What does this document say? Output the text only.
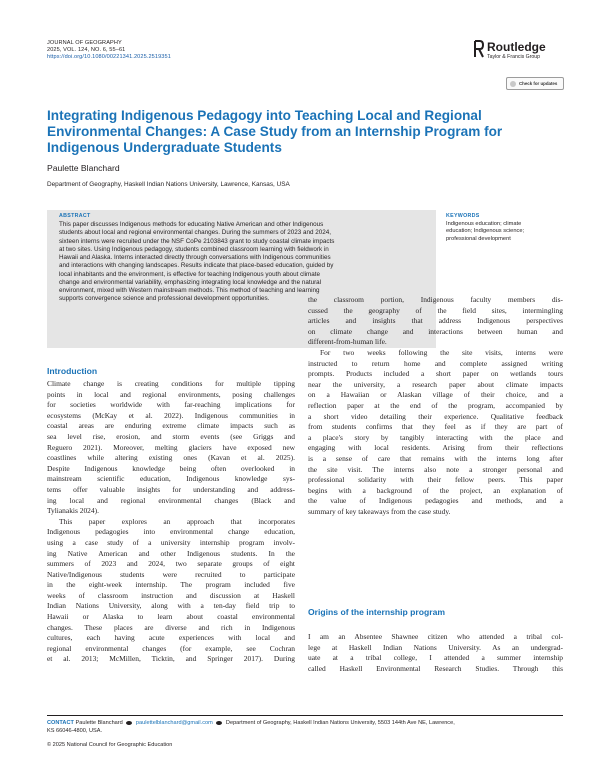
JOURNAL OF GEOGRAPHY
2025, VOL. 124, NO. 6, 55–61
https://doi.org/10.1080/00221341.2025.2519351
Routledge
Taylor & Francis Group
Check for updates
Integrating Indigenous Pedagogy into Teaching Local and Regional
Environmental Changes: A Case Study from an Internship Program for
Indigenous Undergraduate Students
Paulette Blanchard
Department of Geography, Haskell Indian Nations University, Lawrence, Kansas, USA
ABSTRACT
This paper discusses Indigenous methods for educating Native American and other Indigenous
students about local and regional environmental changes. During the summers of 2023 and 2024,
sixteen interns were recruited under the NSF CoPe 2103843 grant to study coastal climate impacts
at two sites. Using Indigenous pedagogy, students combined classroom learning with fieldwork in
Hawaii and Alaska. Interns interacted directly through conversations with Indigenous communities
and interactions with changing landscapes. Results indicate that place-based education, guided by
local inhabitants and the environment, is effective for teaching Indigenous youth about climate
change and environmental variability, emphasizing integrating local knowledge and the natural
environment, mixed with Western mainstream methods. This method of teaching and learning
supports convergence science and professional development opportunities.
KEYWORDS
Indigenous education; climate
education; Indigenous science;
professional development
Introduction
Climate change is creating conditions for multiple tipping
points in local and regional environments, posing challenges
for societies worldwide with far-reaching implications for
ecosystems (McKay et al. 2022). Indigenous communities in
coastal areas are enduring extreme climate impacts such as
sea level rise, erosion, and storm events (see Griggs and
Reguero 2021). Moreover, melting glaciers have exposed new
coastlines while altering existing ones (Kavan et al. 2025).
Despite Indigenous knowledge being often overlooked in
mainstream scientific education, Indigenous knowledge sys-
tems offer valuable insights for understanding and address-
ing local and regional environmental changes (Black and
Tylianakis 2024).
This paper explores an approach that incorporates
Indigenous pedagogies into environmental change education,
using a case study of a university internship program involv-
ing Native American and other Indigenous students. In the
summers of 2023 and 2024, two separate groups of eight
Native/Indigenous students were recruited to participate
in the eight-week internship. The program included five
weeks of classroom instruction and discussion at Haskell
Indian Nations University, along with a ten-day field trip to
Hawaii or Alaska to learn about coastal environmental
changes. These places are diverse and rich in Indigenous
cultures, each having acute experiences with local and
regional environmental changes (for example, see Cochran
et al. 2013; McMillen, Ticktin, and Springer 2017). During
the classroom portion, Indigenous faculty members dis-
cussed the geography of the field sites, intermingling
articles and insights that address Indigenous perspectives
on climate change and interactions between human and
different-from-human life.
For two weeks following the site visits, interns were
instructed to return home and complete assigned writing
prompts. Products included a short paper on wetlands tours
near the university, a research paper about climate impacts
on a Hawaiian or Alaskan village of their choice, and a
reflection paper at the end of the program, accompanied by
a short video detailing their experience. Qualitative feedback
from students confirms that they feel as if they are part of
a place's story by tangibly interacting with the place and
engaging with local residents. Arising from their reflections
is a sense of care that remains with the interns long after
the site visit. The interns also note a stronger personal and
professional solidarity with their fellow peers. This paper
begins with a background of the project, an explanation of
the value of Indigenous pedagogies and methods, and a
summary of key takeaways from the case study.
Origins of the internship program
I am an Absentee Shawnee citizen who attended a tribal col-
lege at Haskell Indian Nations University. As an undergrad-
uate at a tribal college, I attended a summer internship
called Haskell Environmental Research Studies. Through this
CONTACT Paulette Blanchard paulettelblanchard@gmail.com Department of Geography, Haskell Indian Nations University, 5503 144th Ave NE, Lawrence,
KS 66046-4800, USA.
© 2025 National Council for Geographic Education
